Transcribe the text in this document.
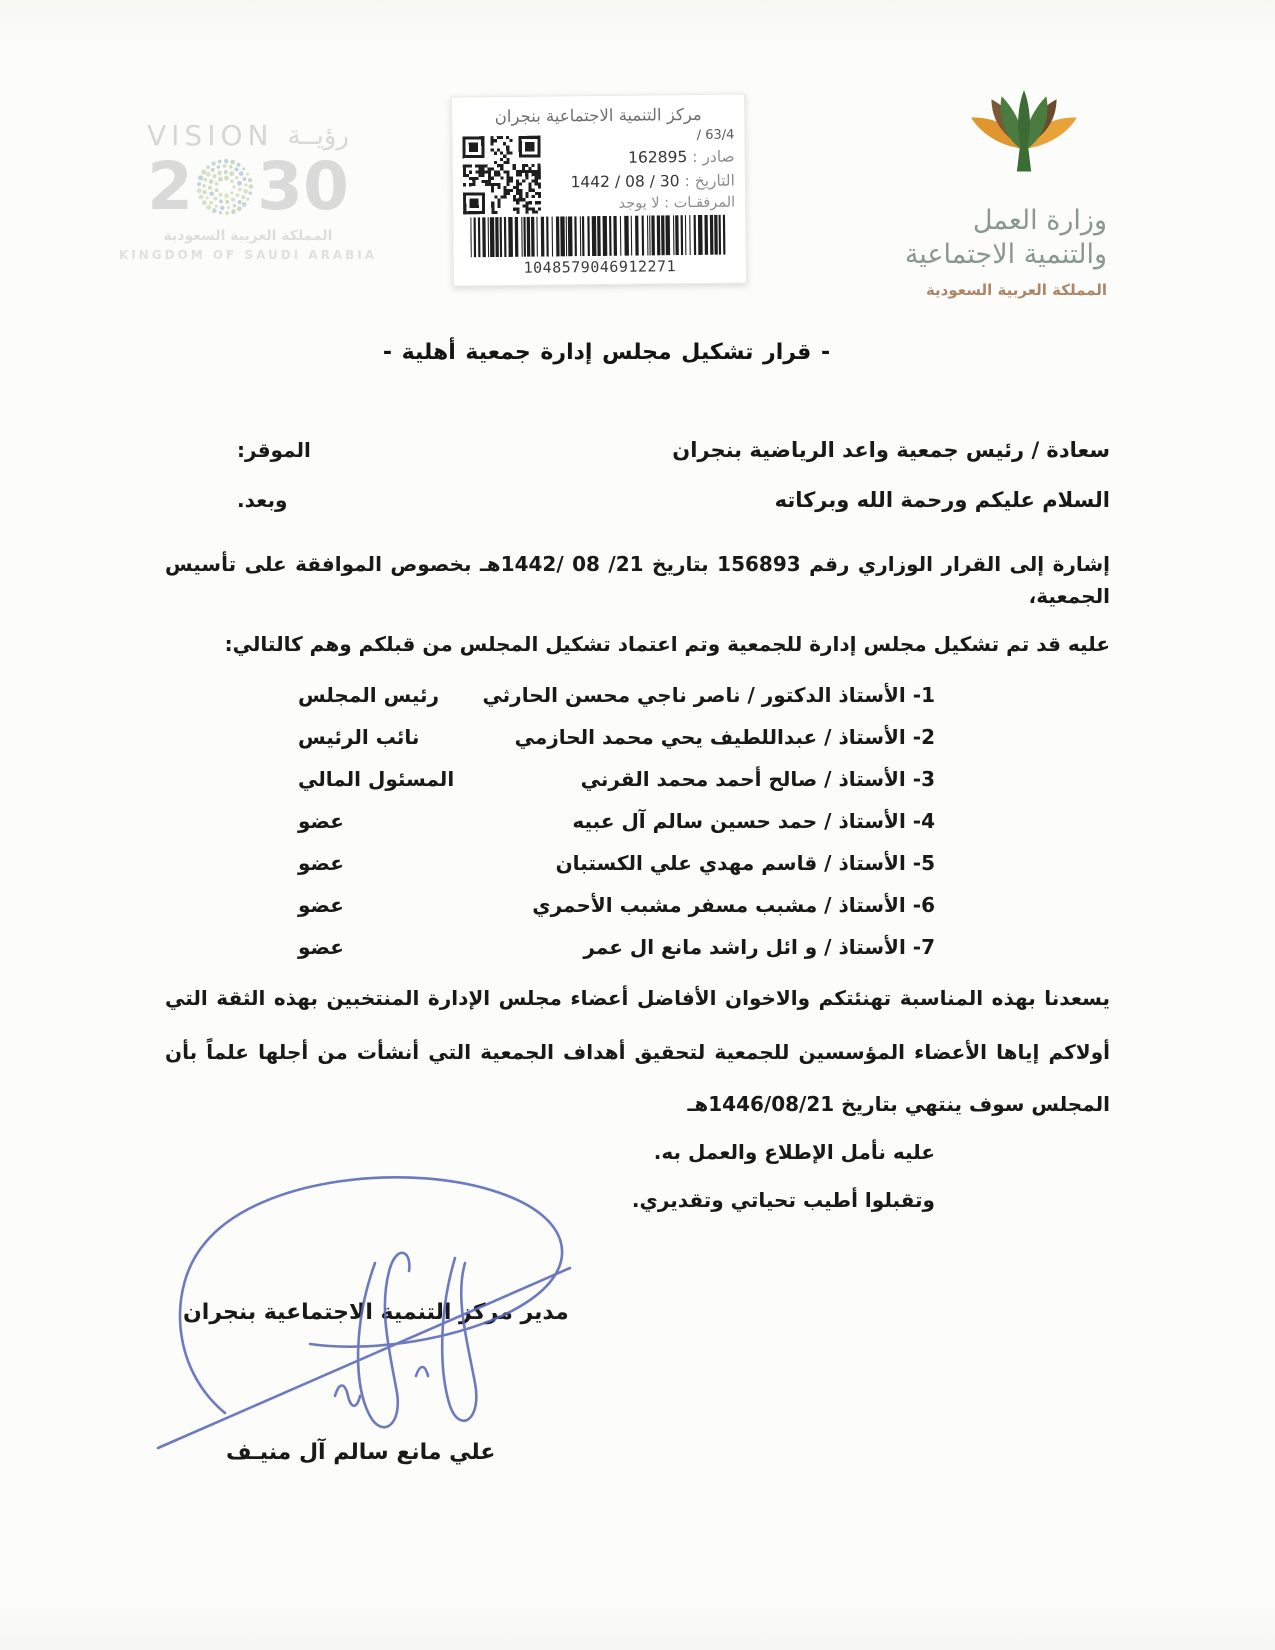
VISION رؤيــة
2 30
المملكة العربية السعودية
KINGDOM OF SAUDI ARABIA
مركز التنمية الاجتماعية بنجران
/ 63/4
صادر : 162895
التاريخ : 30 / 08 / 1442
المرفقـات : لا يوجد
1048579046912271
وزارة العمل
والتنمية الاجتماعية
المملكة العربية السعودية
- قرار تشكيل مجلس إدارة جمعية أهلية -
سعادة / رئيس جمعية واعد الرياضية بنجران
الموقر:
السلام عليكم ورحمة الله وبركاته
وبعد.
إشارة إلى القرار الوزاري رقم 156893 بتاريخ 21/ 08 /1442هـ بخصوص الموافقة على تأسيس الجمعية،
عليه قد تم تشكيل مجلس إدارة للجمعية وتم اعتماد تشكيل المجلس من قبلكم وهم كالتالي:
1- الأستاذ الدكتور / ناصر ناجي محسن الحارثي
رئيس المجلس
2- الأستاذ / عبداللطيف يحي محمد الحازمي
نائب الرئيس
3- الأستاذ / صالح أحمد محمد القرني
المسئول المالي
4- الأستاذ / حمد حسين سالم آل عبيه
عضو
5- الأستاذ / قاسم مهدي علي الكستبان
عضو
6- الأستاذ / مشبب مسفر مشبب الأحمري
عضو
7- الأستاذ / و ائل راشد مانع ال عمر
عضو
يسعدنا بهذه المناسبة تهنئتكم والاخوان الأفاضل أعضاء مجلس الإدارة المنتخبين بهذه الثقة التي
أولاكم إياها الأعضاء المؤسسين للجمعية لتحقيق أهداف الجمعية التي أنشأت من أجلها علماً بأن
المجلس سوف ينتهي بتاريخ 1446/08/21هـ
عليه نأمل الإطلاع والعمل به.
وتقبلوا أطيب تحياتي وتقديري.
مدير مركز التنمية الاجتماعية بنجران
علي مانع سالم آل منيـف
